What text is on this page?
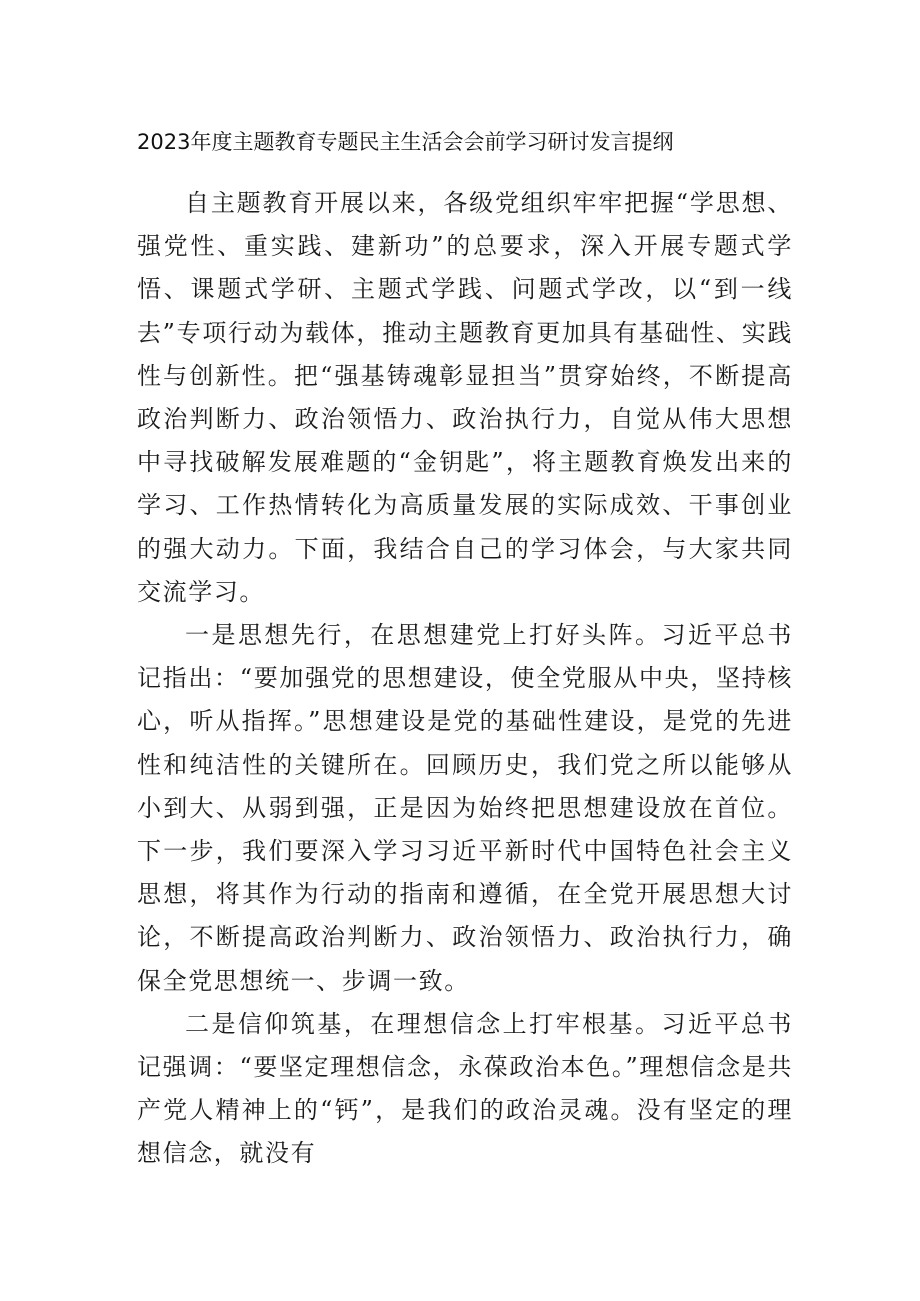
2023年度主题教育专题民主生活会会前学习研讨发言提纲

自主题教育开展以来，各级党组织牢牢把握“学思想、强党性、重实践、建新功”的总要求，深入开展专题式学悟、课题式学研、主题式学践、问题式学改，以“到一线去”专项行动为载体，推动主题教育更加具有基础性、实践性与创新性。把“强基铸魂彰显担当”贯穿始终，不断提高政治判断力、政治领悟力、政治执行力，自觉从伟大思想中寻找破解发展难题的“金钥匙”，将主题教育焕发出来的学习、工作热情转化为高质量发展的实际成效、干事创业的强大动力。下面，我结合自己的学习体会，与大家共同交流学习。

一是思想先行，在思想建党上打好头阵。习近平总书记指出：“要加强党的思想建设，使全党服从中央，坚持核心，听从指挥。”思想建设是党的基础性建设，是党的先进性和纯洁性的关键所在。回顾历史，我们党之所以能够从小到大、从弱到强，正是因为始终把思想建设放在首位。下一步，我们要深入学习习近平新时代中国特色社会主义思想，将其作为行动的指南和遵循，在全党开展思想大讨论，不断提高政治判断力、政治领悟力、政治执行力，确保全党思想统一、步调一致。

二是信仰筑基，在理想信念上打牢根基。习近平总书记强调：“要坚定理想信念，永葆政治本色。”理想信念是共产党人精神上的“钙”，是我们的政治灵魂。没有坚定的理想信念，就没有
